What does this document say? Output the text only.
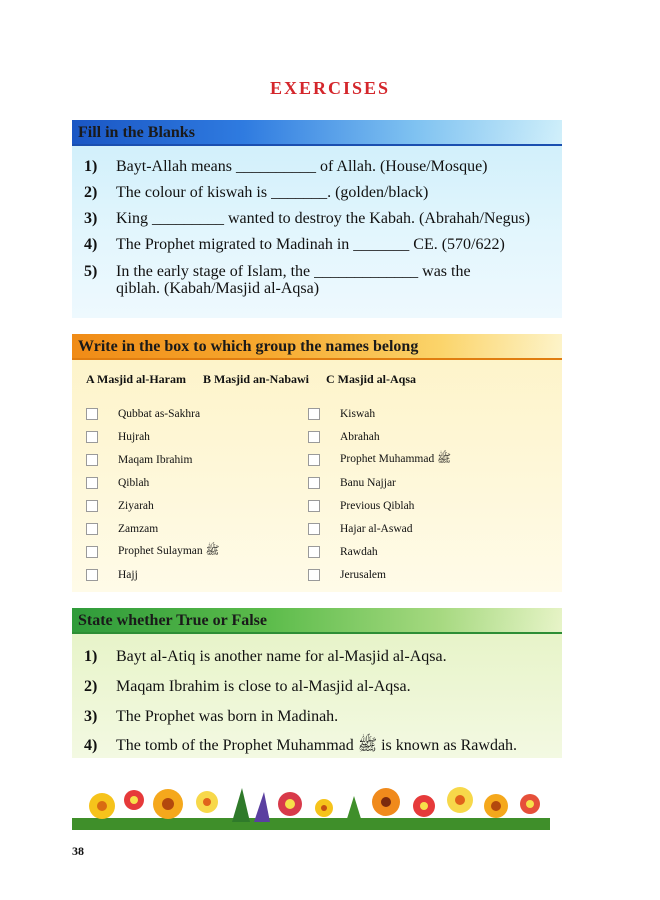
EXERCISES
Fill in the Blanks
1)	Bayt-Allah means __________ of Allah. (House/Mosque)
2)	The colour of kiswah is _______. (golden/black)
3)	King _________ wanted to destroy the Kabah. (Abrahah/Negus)
4)	The Prophet migrated to Madinah in _______ CE. (570/622)
5)	In the early stage of Islam, the _____________ was the qiblah. (Kabah/Masjid al-Aqsa)
Write in the box to which group the names belong
A Masjid al-Haram B Masjid an-Nabawi C Masjid al-Aqsa
Qubbat as-Sakhra
Hujrah
Maqam Ibrahim
Qiblah
Ziyarah
Zamzam
Prophet Sulayman ﷺ
Hajj
Kiswah
Abrahah
Prophet Muhammad ﷺ
Banu Najjar
Previous Qiblah
Hajar al-Aswad
Rawdah
Jerusalem
State whether True or False
1)	Bayt al-Atiq is another name for al-Masjid al-Aqsa.
2)	Maqam Ibrahim is close to al-Masjid al-Aqsa.
3)	The Prophet was born in Madinah.
4)	The tomb of the Prophet Muhammad ﷺ is known as Rawdah.
38
